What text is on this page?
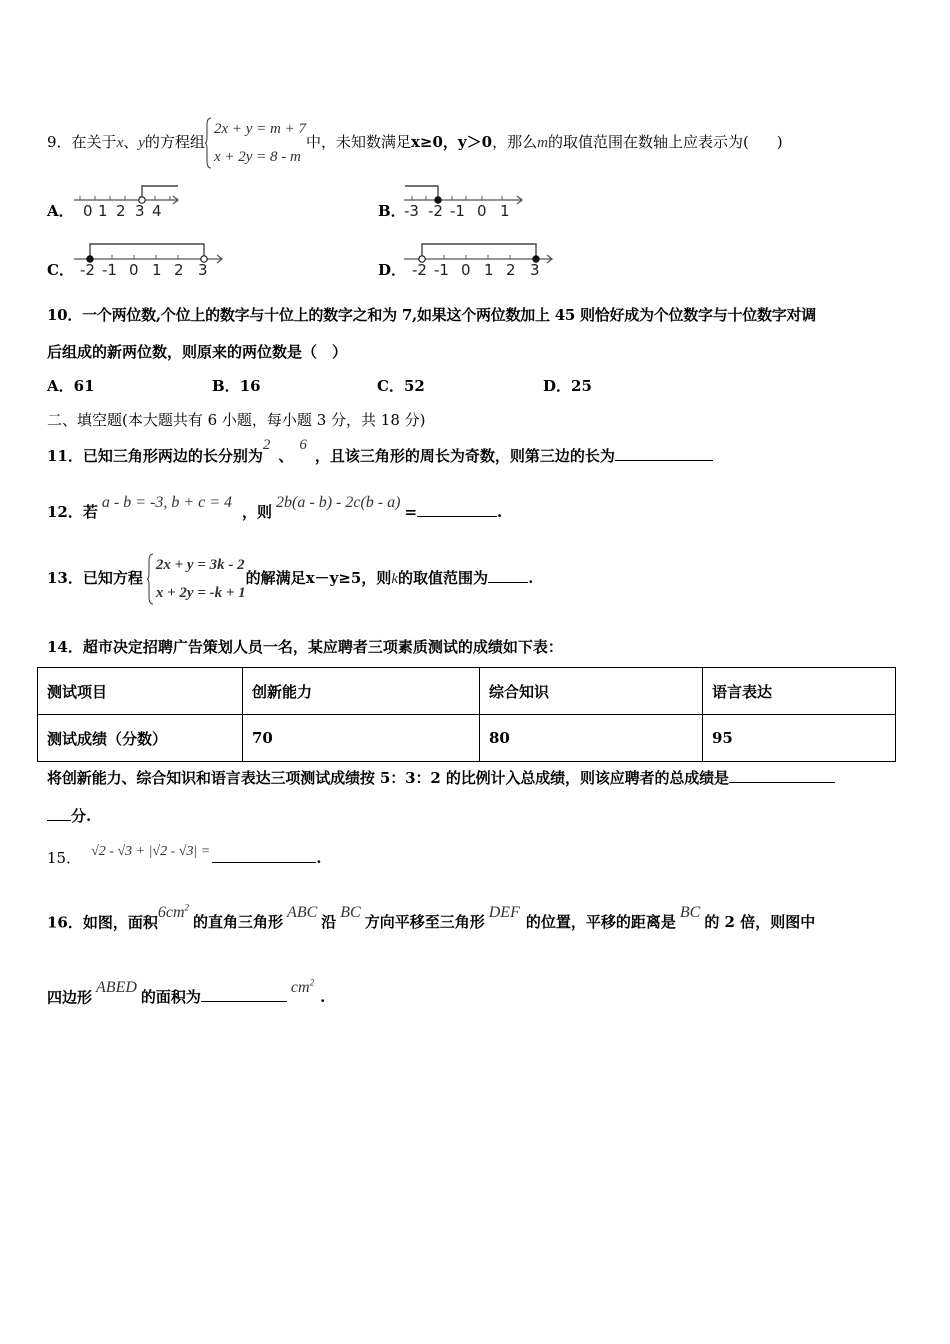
9．在关于x、y的方程组
2x + y = m + 7
x + 2y = 8 - m
中，未知数满足x≥0，y＞0，那么m的取值范围在数轴上应表示为( )
A． 0 1 2 3 4	B．
-3 -2 -1 0 1
C． -2 -1 0 1 2 3	D． -2 -1 0 1 2 3
10．一个两位数,个位上的数字与十位上的数字之和为 7,如果这个两位数加上 45 则恰好成为个位数字与十位数字对调
后组成的新两位数，则原来的两位数是（　）
A．61	B．16	C．52	D．25
二、填空题(本大题共有 6 小题，每小题 3 分，共 18 分)
11．已知三角形两边的长分别为2、6，且该三角形的周长为奇数，则第三边的长为
12．若a - b = -3, b + c = 4，则2b(a - b) - 2c(b - a)=	.
13．已知方程
2x + y = 3k - 2
x + 2y = -k + 1
的解满足x－y≥5，则k的取值范围为	.
14．超市决定招聘广告策划人员一名，某应聘者三项素质测试的成绩如下表：
测试项目	创新能力	综合知识	语言表达
测试成绩（分数）	70	80	95
将创新能力、综合知识和语言表达三项测试成绩按 5：3：2 的比例计入总成绩，则该应聘者的总成绩是
分.
15． √2 - √3 + |√2 - √3| =	.
16．如图，面积$6cm^2$的直角三角形ABC沿BC方向平移至三角形DEF的位置，平移的距离是BC的 2 倍，则图中
四边形ABED的面积为$cm^2$.
